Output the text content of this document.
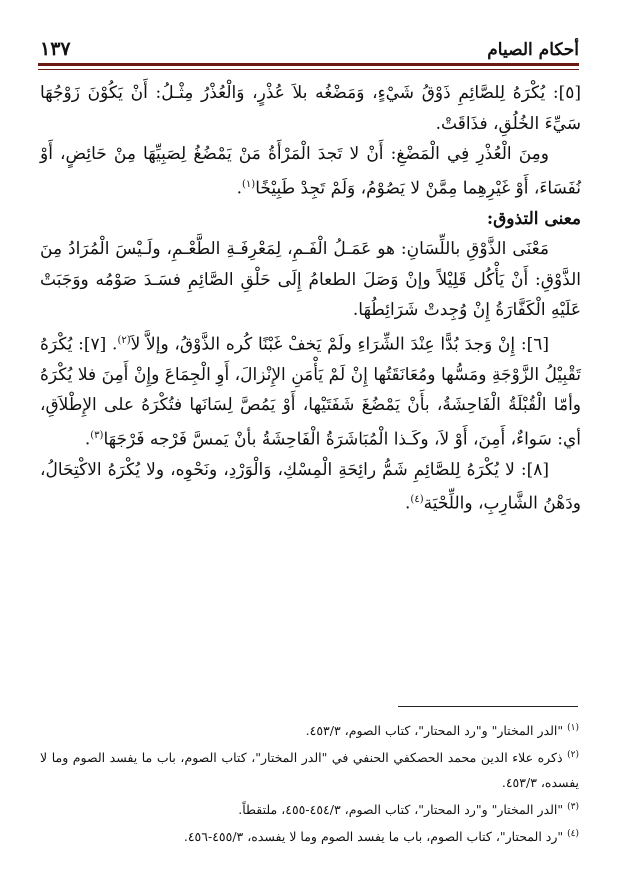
أحكام الصيام
١٣٧

[٥]: يُكْرَهُ لِلصَّائِمِ ذَوْقُ شَيْءٍ، وَمَضْغُه بلاَ عُذْرٍ، وَالْعُذْرُ مِثْـلُ: أَنْ يَكُوْنَ زَوْجُهَا سَيِّءَ الخُلُقِ، فذَاقَتْ.

ومِنَ الْعُذْرِ فِي الْمَضْغِ: أَنْ لا تَجدَ الْمَرْأَةُ مَنْ يَمْضُغُ لِصَبِيِّهَا مِنْ حَائِضٍ، أَوْ نُفَسَاءَ، أَوْ غَيْرِهِما مِمَّنْ لا يَصُوْمُ، وَلَمْ تَجِدْ طَبِيْخًا$^{(١)}$.

معنى التذوق:

مَعْنَى الذَّوْقِ باللِّسَانِ: هو عَمَـلُ الْفَـمِ، لِمَعْرِفَـةِ الطَّعْـمِ، ولَـيْسَ الْمُرَادُ مِنَ الذَّوْقِ: أَنْ يَأْكُل قَلِيْلاً وإنْ وَصَلَ الطعامُ إِلَى حَلْقِ الصَّائِمِ فسَـدَ صَوْمُه ووَجَبَتْ عَلَيْهِ الْكَفَّارَةُ إِنْ وُجِدتْ شَرَائِطُهَا.

[٦]: إِنْ وَجدَ بُدًّا عِنْدَ الشِّرَاءِ ولَمْ يَخفْ غَبْنًا كُره الذَّوْقُ، وإلاَّ لاَ$^{(٢)}$. [٧]: يُكْرَهُ تَقْبِيْلُ الزَّوْجَةِ ومَسُّها ومُعَانَقَتُها إِنْ لَمْ يَأْمَنِ الإِنْزالَ، أَوِ الْجِمَاعَ وإِنْ أَمِنَ فلا يُكْرَهُ وأمّا الْقُبْلَةُ الْفَاحِشَةُ، بأَنْ يَمْضُغَ شَفَتَيْها، أَوْ يَمُصَّ لِسَانَها فتُكْرَهُ على الإِطْلاَقِ، أي: سَواءٌ، أَمِنَ، أَوْ لاَ، وكَـذا الْمُبَاشَرَةُ الْفَاحِشَةُ بأنْ يَمسَّ فَرْجه فَرْجَهَا$^{(٣)}$.

[٨]: لا يُكْرَهُ لِلصَّائِمِ شَمُّ رائِحَةِ الْمِسْكِ، وَالْوَرْدِ، ونَحْوِه، ولا يُكْرَهُ الاكْتِحَالُ، ودَهْنُ الشَّارِبِ، واللِّحْيَة$^{(٤)}$.

$^{(١)}$ "الدر المختار" و"رد المحتار"، كتاب الصوم، ٤٥٣/٣.

$^{(٢)}$ ذكره علاء الدين محمد الحصكفي الحنفي في "الدر المختار"، كتاب الصوم، باب ما يفسد الصوم وما لا يفسده، ٤٥٣/٣.

$^{(٣)}$ "الدر المختار" و"رد المحتار"، كتاب الصوم، ٤٥٤/٣-٤٥٥، ملتقطاً.

$^{(٤)}$ "رد المحتار"، كتاب الصوم، باب ما يفسد الصوم وما لا يفسده، ٤٥٥/٣-٤٥٦.
